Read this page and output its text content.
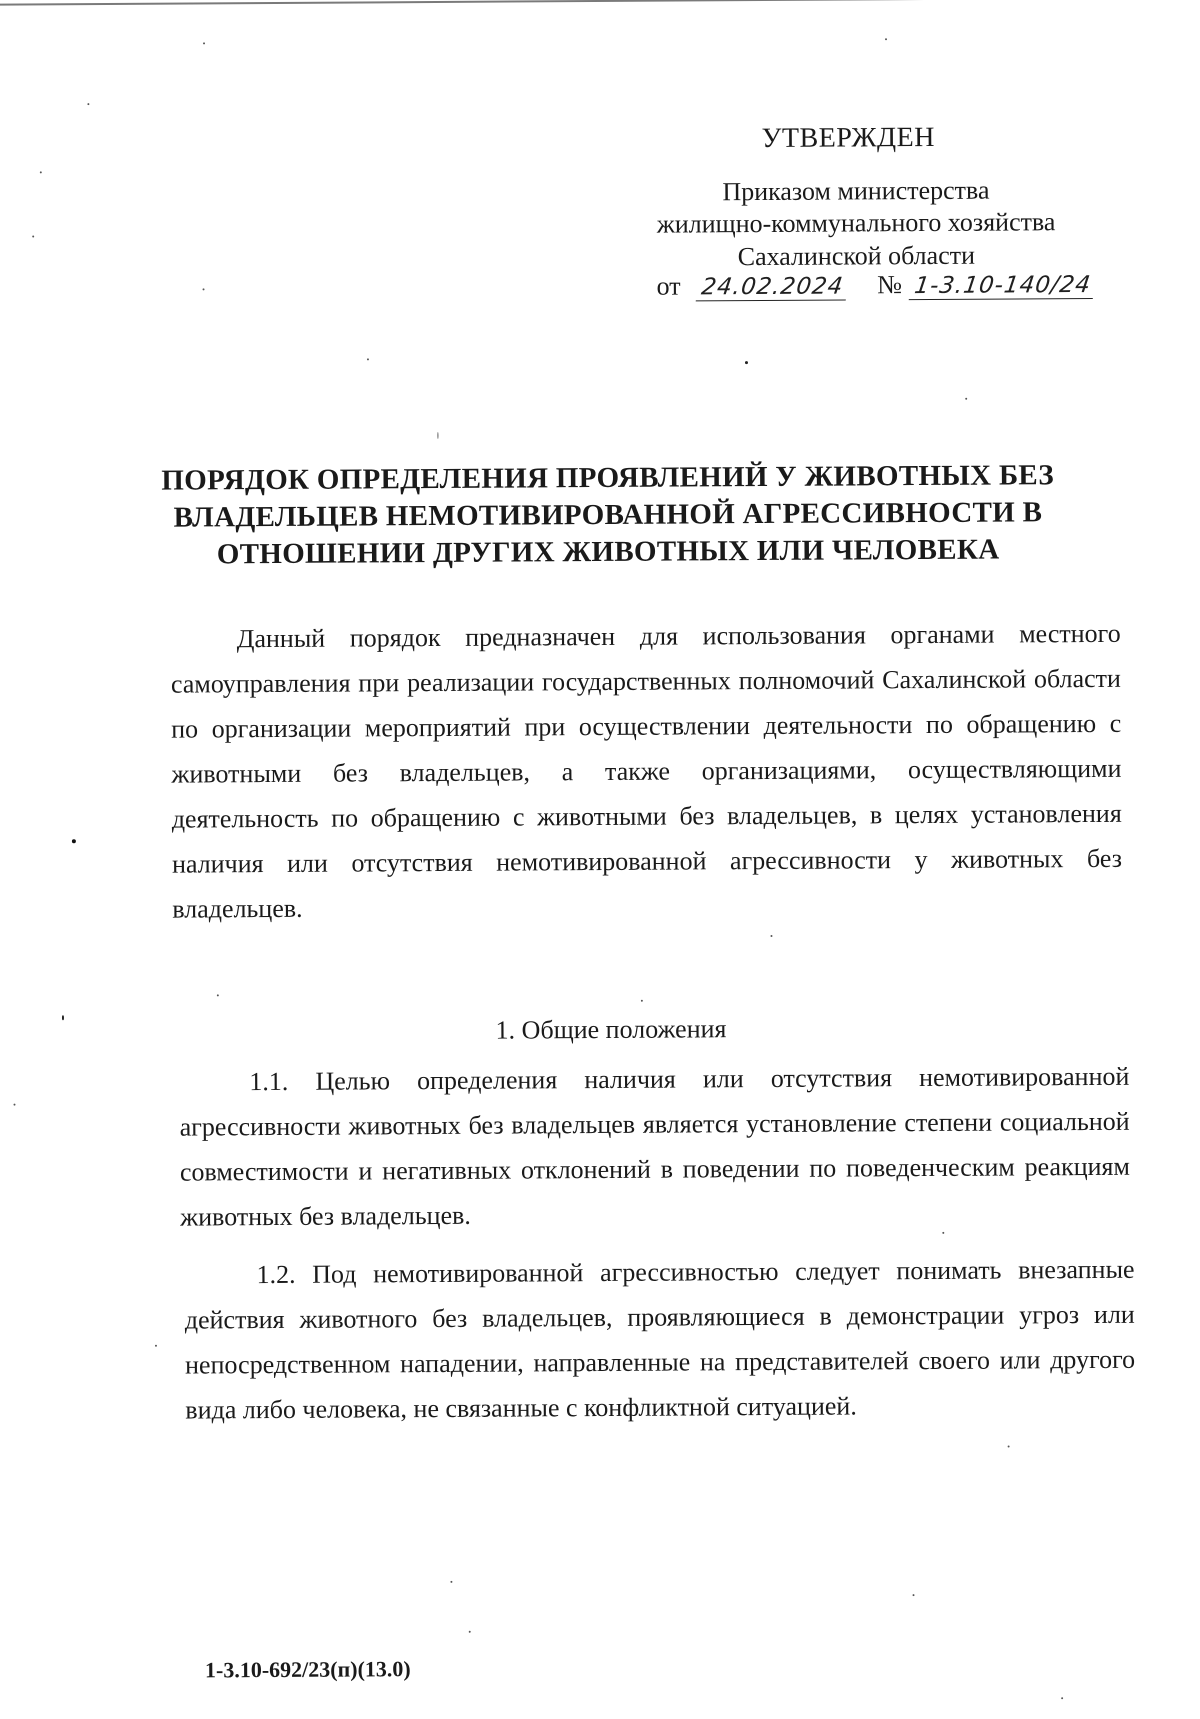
УТВЕРЖДЕН
Приказом министерства
жилищно-коммунального хозяйства
Сахалинской области
от 24.02.2024 № 1-3.10-140/24
ПОРЯДОК ОПРЕДЕЛЕНИЯ ПРОЯВЛЕНИЙ У ЖИВОТНЫХ БЕЗ ВЛАДЕЛЬЦЕВ НЕМОТИВИРОВАННОЙ АГРЕССИВНОСТИ В ОТНОШЕНИИ ДРУГИХ ЖИВОТНЫХ ИЛИ ЧЕЛОВЕКА
Данный порядок предназначен для использования органами местного самоуправления при реализации государственных полномочий Сахалинской области по организации мероприятий при осуществлении деятельности по обращению с животными без владельцев, а также организациями, осуществляющими деятельность по обращению с животными без владельцев, в целях установления наличия или отсутствия немотивированной агрессивности у животных без владельцев.
1. Общие положения
1.1. Целью определения наличия или отсутствия немотивированной агрессивности животных без владельцев является установление степени социальной совместимости и негативных отклонений в поведении по поведенческим реакциям животных без владельцев.
1.2. Под немотивированной агрессивностью следует понимать внезапные действия животного без владельцев, проявляющиеся в демонстрации угроз или непосредственном нападении, направленные на представителей своего или другого вида либо человека, не связанные с конфликтной ситуацией.
1-3.10-692/23(п)(13.0)
